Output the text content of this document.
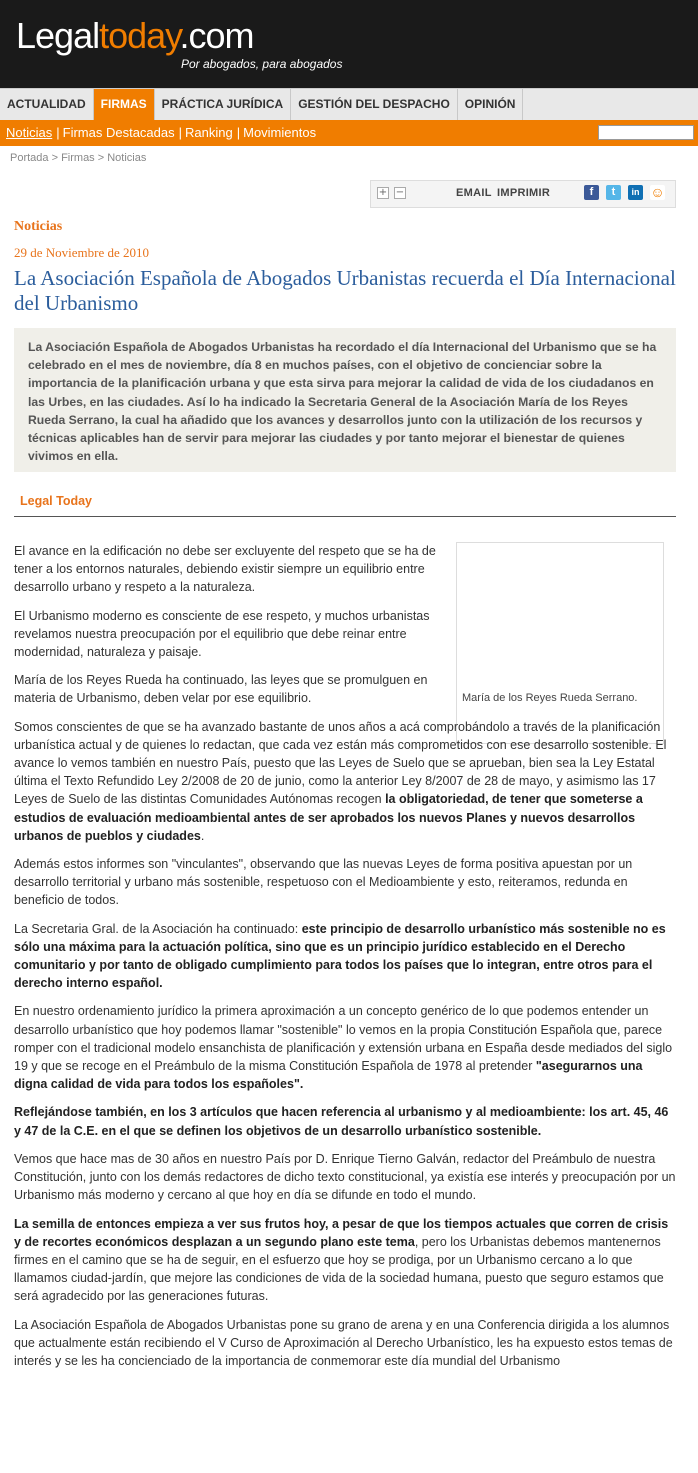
Legaltoday.com
Por abogados, para abogados
ACTUALIDAD	FIRMAS	PRÁCTICA JURÍDICA	GESTIÓN DEL DESPACHO	OPINIÓN
Noticias | Firmas Destacadas | Ranking | Movimientos
Portada > Firmas > Noticias
+ −	EMAIL IMPRIMIR	f	t	in ☺
Noticias
29 de Noviembre de 2010
La Asociación Española de Abogados Urbanistas recuerda el Día Internacional del Urbanismo
La Asociación Española de Abogados Urbanistas ha recordado el día Internacional del Urbanismo que se ha celebrado en el mes de noviembre, día 8 en muchos países, con el objetivo de concienciar sobre la importancia de la planificación urbana y que esta sirva para mejorar la calidad de vida de los ciudadanos en las Urbes, en las ciudades. Así lo ha indicado la Secretaria General de la Asociación María de los Reyes Rueda Serrano, la cual ha añadido que los avances y desarrollos junto con la utilización de los recursos y técnicas aplicables han de servir para mejorar las ciudades y por tanto mejorar el bienestar de quienes vivimos en ella.
Legal Today
María de los Reyes Rueda Serrano.

El avance en la edificación no debe ser excluyente del respeto que se ha de tener a los entornos naturales, debiendo existir siempre un equilibrio entre desarrollo urbano y respeto a la naturaleza.

El Urbanismo moderno es consciente de ese respeto, y muchos urbanistas revelamos nuestra preocupación por el equilibrio que debe reinar entre modernidad, naturaleza y paisaje.

María de los Reyes Rueda ha continuado, las leyes que se promulguen en materia de Urbanismo, deben velar por ese equilibrio.

Somos conscientes de que se ha avanzado bastante de unos años a acá comprobándolo a través de la planificación urbanística actual y de quienes lo redactan, que cada vez están más comprometidos con ese desarrollo sostenible. El avance lo vemos también en nuestro País, puesto que las Leyes de Suelo que se aprueban, bien sea la Ley Estatal última el Texto Refundido Ley 2/2008 de 20 de junio, como la anterior Ley 8/2007 de 28 de mayo, y asimismo las 17 Leyes de Suelo de las distintas Comunidades Autónomas recogen la obligatoriedad, de tener que someterse a estudios de evaluación medioambiental antes de ser aprobados los nuevos Planes y nuevos desarrollos urbanos de pueblos y ciudades.

Además estos informes son "vinculantes", observando que las nuevas Leyes de forma positiva apuestan por un desarrollo territorial y urbano más sostenible, respetuoso con el Medioambiente y esto, reiteramos, redunda en beneficio de todos.

La Secretaria Gral. de la Asociación ha continuado: este principio de desarrollo urbanístico más sostenible no es sólo una máxima para la actuación política, sino que es un principio jurídico establecido en el Derecho comunitario y por tanto de obligado cumplimiento para todos los países que lo integran, entre otros para el derecho interno español.

En nuestro ordenamiento jurídico la primera aproximación a un concepto genérico de lo que podemos entender un desarrollo urbanístico que hoy podemos llamar "sostenible" lo vemos en la propia Constitución Española que, parece romper con el tradicional modelo ensanchista de planificación y extensión urbana en España desde mediados del siglo 19 y que se recoge en el Preámbulo de la misma Constitución Española de 1978 al pretender "asegurarnos una digna calidad de vida para todos los españoles".

Reflejándose también, en los 3 artículos que hacen referencia al urbanismo y al medioambiente: los art. 45, 46 y 47 de la C.E. en el que se definen los objetivos de un desarrollo urbanístico sostenible.

Vemos que hace mas de 30 años en nuestro País por D. Enrique Tierno Galván, redactor del Preámbulo de nuestra Constitución, junto con los demás redactores de dicho texto constitucional, ya existía ese interés y preocupación por un Urbanismo más moderno y cercano al que hoy en día se difunde en todo el mundo.

La semilla de entonces empieza a ver sus frutos hoy, a pesar de que los tiempos actuales que corren de crisis y de recortes económicos desplazan a un segundo plano este tema, pero los Urbanistas debemos mantenernos firmes en el camino que se ha de seguir, en el esfuerzo que hoy se prodiga, por un Urbanismo cercano a lo que llamamos ciudad-jardín, que mejore las condiciones de vida de la sociedad humana, puesto que seguro estamos que será agradecido por las generaciones futuras.

La Asociación Española de Abogados Urbanistas pone su grano de arena y en una Conferencia dirigida a los alumnos que actualmente están recibiendo el V Curso de Aproximación al Derecho Urbanístico, les ha expuesto estos temas de interés y se les ha concienciado de la importancia de conmemorar este día mundial del Urbanismo
